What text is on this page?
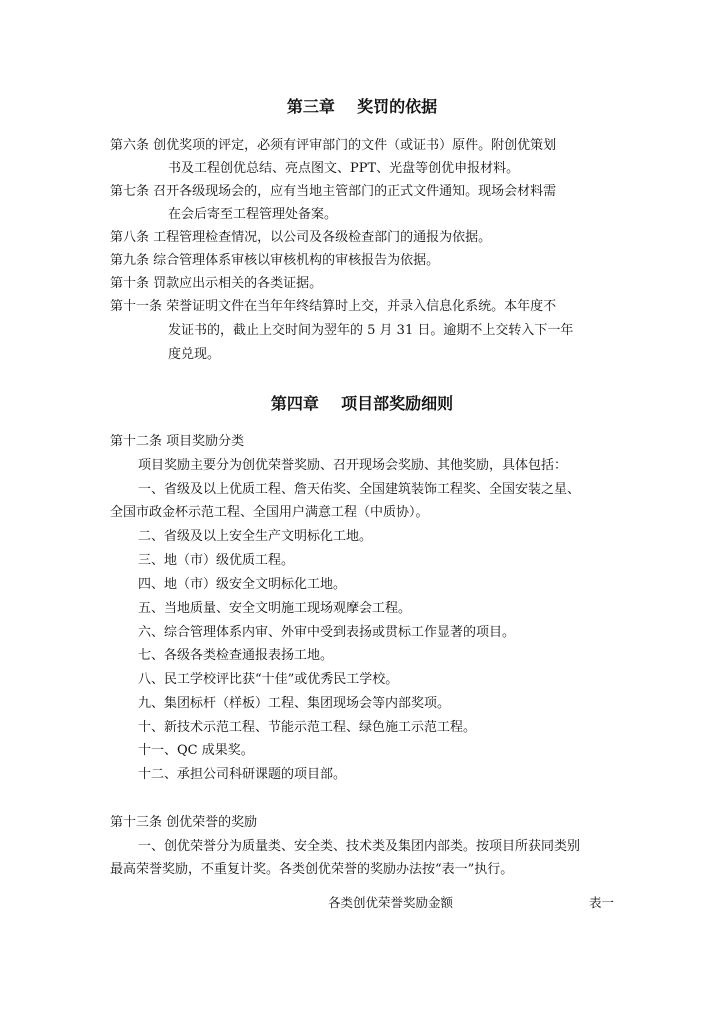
第三章    奖罚的依据
第六条 创优奖项的评定，必须有评审部门的文件（或证书）原件。附创优策划
书及工程创优总结、亮点图文、PPT、光盘等创优申报材料。
第七条 召开各级现场会的，应有当地主管部门的正式文件通知。现场会材料需
在会后寄至工程管理处备案。
第八条 工程管理检查情况，以公司及各级检查部门的通报为依据。
第九条 综合管理体系审核以审核机构的审核报告为依据。
第十条 罚款应出示相关的各类证据。
第十一条 荣誉证明文件在当年年终结算时上交，并录入信息化系统。本年度不
发证书的，截止上交时间为翌年的 5 月 31 日。逾期不上交转入下一年
度兑现。
第四章    项目部奖励细则
第十二条 项目奖励分类
项目奖励主要分为创优荣誉奖励、召开现场会奖励、其他奖励，具体包括：
一、省级及以上优质工程、詹天佑奖、全国建筑装饰工程奖、全国安装之星、
全国市政金杯示范工程、全国用户满意工程（中质协）。
二、省级及以上安全生产文明标化工地。
三、地（市）级优质工程。
四、地（市）级安全文明标化工地。
五、当地质量、安全文明施工现场观摩会工程。
六、综合管理体系内审、外审中受到表扬或贯标工作显著的项目。
七、各级各类检查通报表扬工地。
八、民工学校评比获“十佳”或优秀民工学校。
九、集团标杆（样板）工程、集团现场会等内部奖项。
十、新技术示范工程、节能示范工程、绿色施工示范工程。
十一、QC 成果奖。
十二、承担公司科研课题的项目部。
第十三条 创优荣誉的奖励
一、创优荣誉分为质量类、安全类、技术类及集团内部类。按项目所获同类别
最高荣誉奖励，不重复计奖。各类创优荣誉的奖励办法按“表一”执行。
各类创优荣誉奖励金额	表一
